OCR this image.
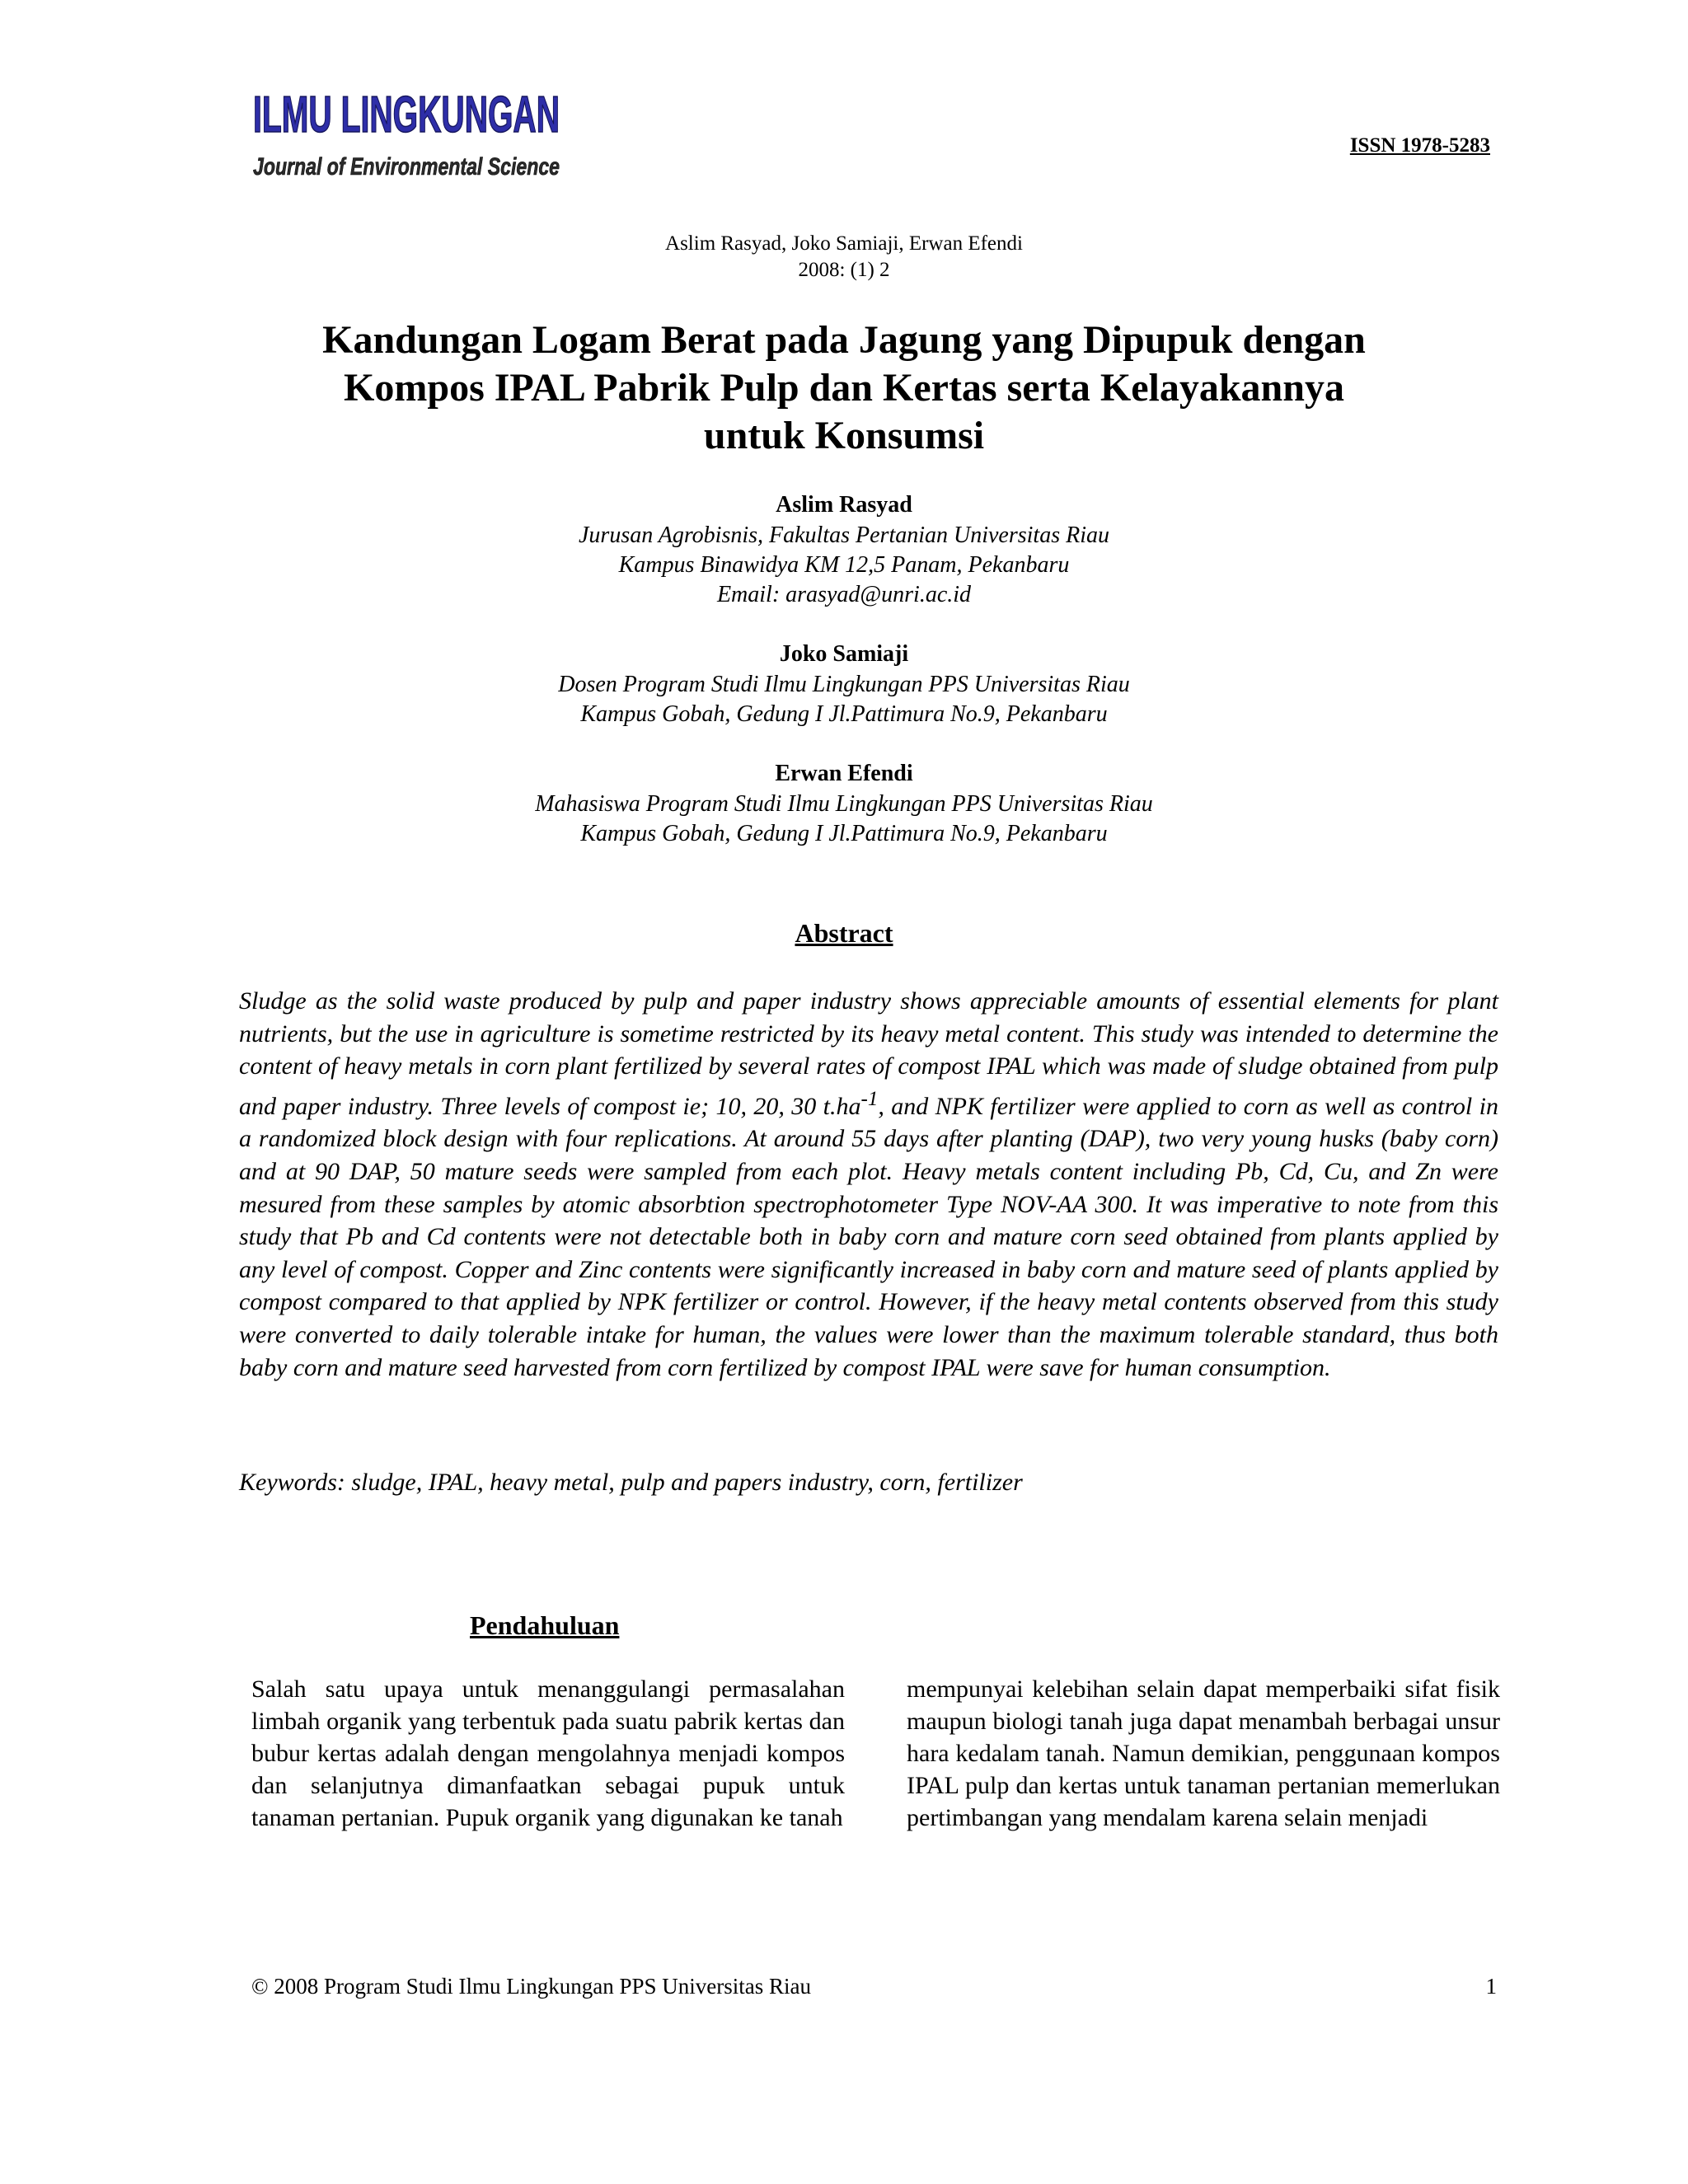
ILMU LINGKUNGAN
Journal of Environmental Science
ISSN 1978-5283
Aslim Rasyad, Joko Samiaji, Erwan Efendi
2008: (1) 2
Kandungan Logam Berat pada Jagung yang Dipupuk dengan
Kompos IPAL Pabrik Pulp dan Kertas serta Kelayakannya
untuk Konsumsi
Aslim Rasyad
Jurusan Agrobisnis, Fakultas Pertanian Universitas Riau
Kampus Binawidya KM 12,5 Panam, Pekanbaru
Email: arasyad@unri.ac.id
Joko Samiaji
Dosen Program Studi Ilmu Lingkungan PPS Universitas Riau
Kampus Gobah, Gedung I Jl.Pattimura No.9, Pekanbaru
Erwan Efendi
Mahasiswa Program Studi Ilmu Lingkungan PPS Universitas Riau
Kampus Gobah, Gedung I Jl.Pattimura No.9, Pekanbaru
Abstract

Sludge as the solid waste produced by pulp and paper industry shows appreciable amounts of essential elements for plant nutrients, but the use in agriculture is sometime restricted by its heavy metal content. This study was intended to determine the content of heavy metals in corn plant fertilized by several rates of compost IPAL which was made of sludge obtained from pulp and paper industry. Three levels of compost ie; 10, 20, 30 $t.ha^{-1}$, and NPK fertilizer were applied to corn as well as control in a randomized block design with four replications. At around 55 days after planting (DAP), two very young husks (baby corn) and at 90 DAP, 50 mature seeds were sampled from each plot. Heavy metals content including Pb, Cd, Cu, and Zn were mesured from these samples by atomic absorbtion spectrophotometer Type NOV-AA 300. It was imperative to note from this study that Pb and Cd contents were not detectable both in baby corn and mature corn seed obtained from plants applied by any level of compost. Copper and Zinc contents were significantly increased in baby corn and mature seed of plants applied by compost compared to that applied by NPK fertilizer or control. However, if the heavy metal contents observed from this study were converted to daily tolerable intake for human, the values were lower than the maximum tolerable standard, thus both baby corn and mature seed harvested from corn fertilized by compost IPAL were save for human consumption.

Keywords: sludge, IPAL, heavy metal, pulp and papers industry, corn, fertilizer

Pendahuluan

Salah satu upaya untuk menanggulangi permasalahan limbah organik yang terbentuk pada suatu pabrik kertas dan bubur kertas adalah dengan mengolahnya menjadi kompos dan selanjutnya dimanfaatkan sebagai pupuk untuk tanaman pertanian. Pupuk organik yang digunakan ke tanah

mempunyai kelebihan selain dapat memperbaiki sifat fisik maupun biologi tanah juga dapat menambah berbagai unsur hara kedalam tanah. Namun demikian, penggunaan kompos IPAL pulp dan kertas untuk tanaman pertanian memerlukan pertimbangan yang mendalam karena selain menjadi

© 2008 Program Studi Ilmu Lingkungan PPS Universitas Riau	1
